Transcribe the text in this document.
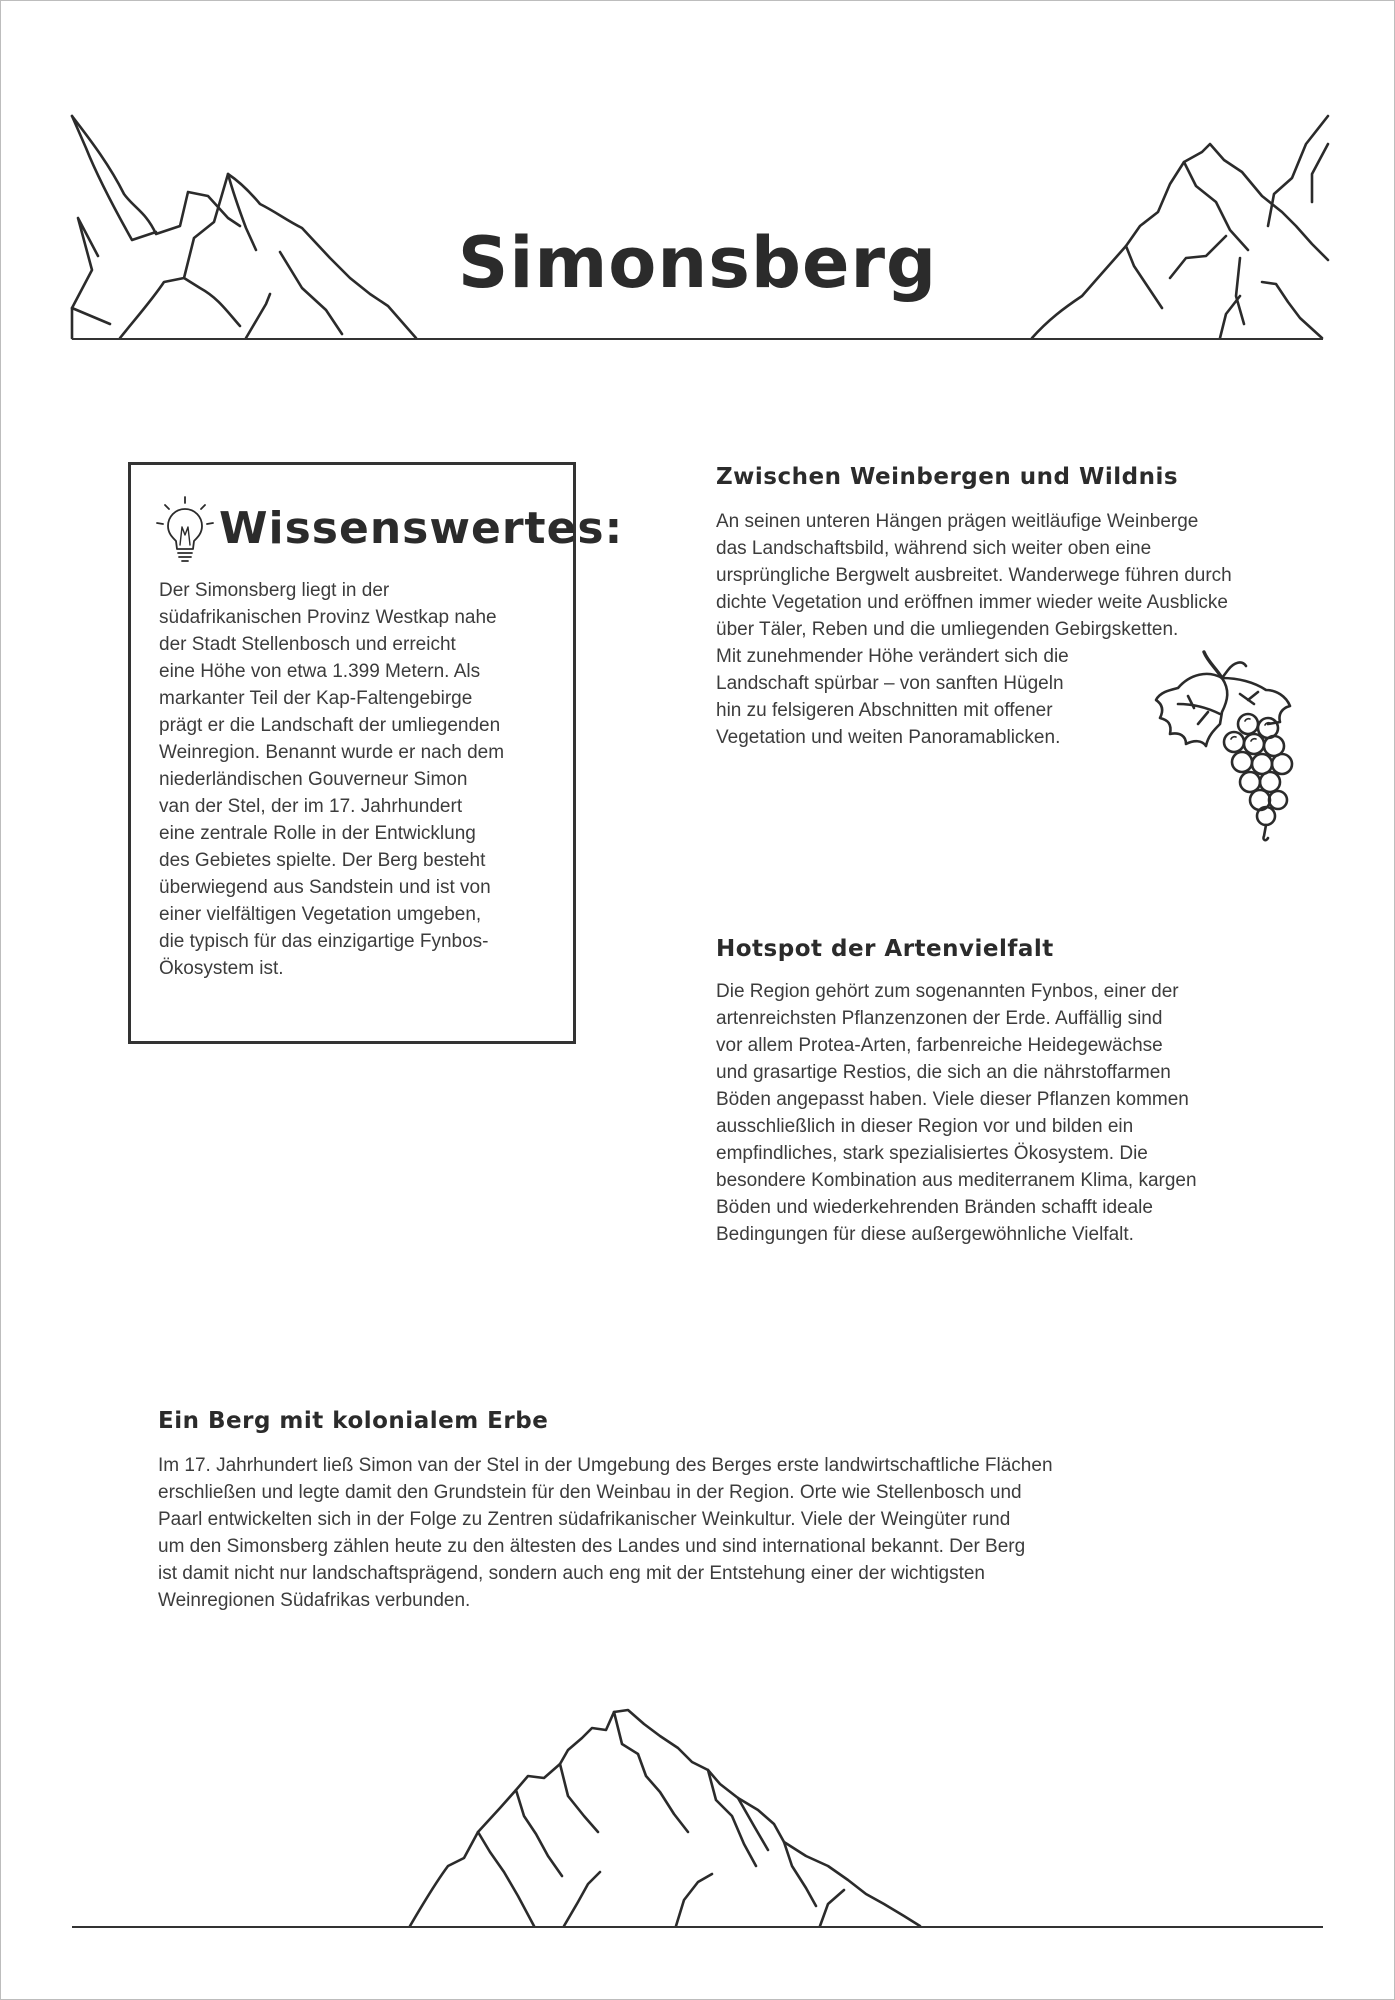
Simonsberg
Wissenswertes:

Der Simonsberg liegt in der
südafrikanischen Provinz Westkap nahe
der Stadt Stellenbosch und erreicht
eine Höhe von etwa 1.399 Metern. Als
markanter Teil der Kap-Faltengebirge
prägt er die Landschaft der umliegenden
Weinregion. Benannt wurde er nach dem
niederländischen Gouverneur Simon
van der Stel, der im 17. Jahrhundert
eine zentrale Rolle in der Entwicklung
des Gebietes spielte. Der Berg besteht
überwiegend aus Sandstein und ist von
einer vielfältigen Vegetation umgeben,
die typisch für das einzigartige Fynbos-
Ökosystem ist.

Zwischen Weinbergen und Wildnis

An seinen unteren Hängen prägen weitläufige Weinberge
das Landschaftsbild, während sich weiter oben eine
ursprüngliche Bergwelt ausbreitet. Wanderwege führen durch
dichte Vegetation und eröffnen immer wieder weite Ausblicke
über Täler, Reben und die umliegenden Gebirgsketten.
Mit zunehmender Höhe verändert sich die
Landschaft spürbar – von sanften Hügeln
hin zu felsigeren Abschnitten mit offener
Vegetation und weiten Panoramablicken.

Hotspot der Artenvielfalt

Die Region gehört zum sogenannten Fynbos, einer der
artenreichsten Pflanzenzonen der Erde. Auffällig sind
vor allem Protea-Arten, farbenreiche Heidegewächse
und grasartige Restios, die sich an die nährstoffarmen
Böden angepasst haben. Viele dieser Pflanzen kommen
ausschließlich in dieser Region vor und bilden ein
empfindliches, stark spezialisiertes Ökosystem. Die
besondere Kombination aus mediterranem Klima, kargen
Böden und wiederkehrenden Bränden schafft ideale
Bedingungen für diese außergewöhnliche Vielfalt.

Ein Berg mit kolonialem Erbe

Im 17. Jahrhundert ließ Simon van der Stel in der Umgebung des Berges erste landwirtschaftliche Flächen
erschließen und legte damit den Grundstein für den Weinbau in der Region. Orte wie Stellenbosch und
Paarl entwickelten sich in der Folge zu Zentren südafrikanischer Weinkultur. Viele der Weingüter rund
um den Simonsberg zählen heute zu den ältesten des Landes und sind international bekannt. Der Berg
ist damit nicht nur landschaftsprägend, sondern auch eng mit der Entstehung einer der wichtigsten
Weinregionen Südafrikas verbunden.
